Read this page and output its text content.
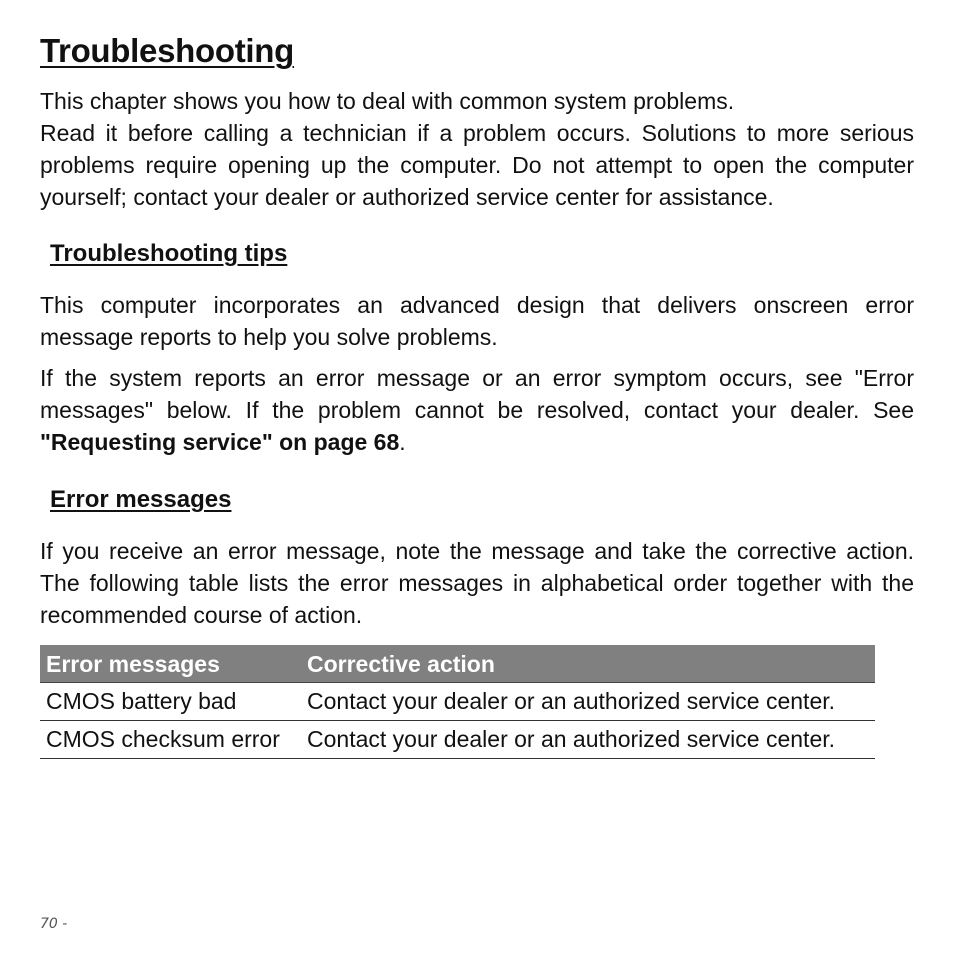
Troubleshooting

This chapter shows you how to deal with common system problems.

Read it before calling a technician if a problem occurs. Solutions to more serious problems require opening up the computer. Do not attempt to open the computer yourself; contact your dealer or authorized service center for assistance.

Troubleshooting tips

This computer incorporates an advanced design that delivers onscreen error message reports to help you solve problems.

If the system reports an error message or an error symptom occurs, see "Error messages" below. If the problem cannot be resolved, contact your dealer. See "Requesting service" on page 68.

Error messages

If you receive an error message, note the message and take the corrective action. The following table lists the error messages in alphabetical order together with the recommended course of action.

Error messages	Corrective action
CMOS battery bad	Contact your dealer or an authorized service center.
CMOS checksum error	Contact your dealer or an authorized service center.
70 -
